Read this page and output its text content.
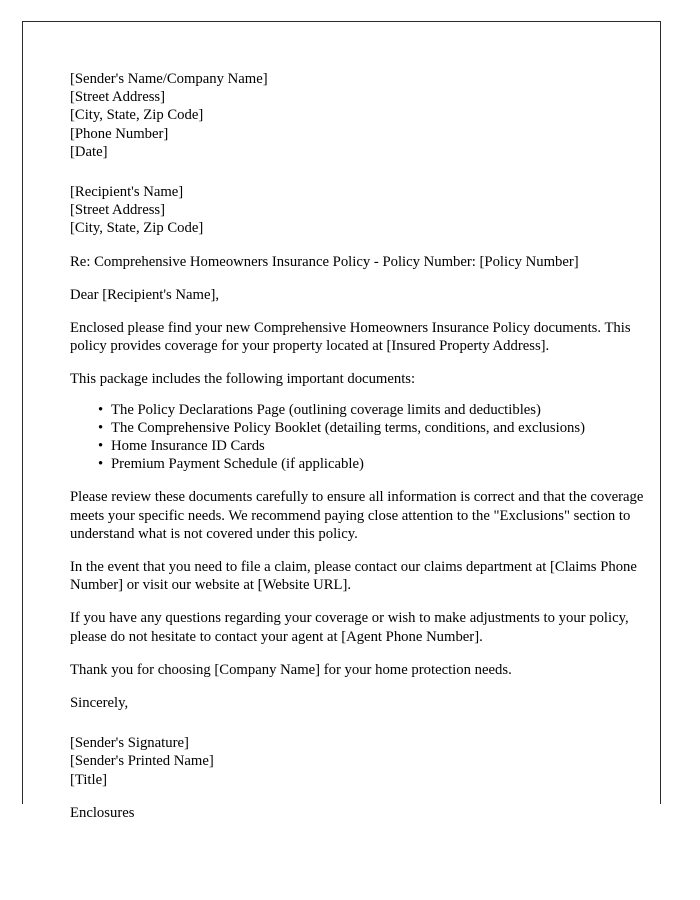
[Sender's Name/Company Name]
[Street Address]
[City, State, Zip Code]
[Phone Number]
[Date]
[Recipient's Name]
[Street Address]
[City, State, Zip Code]

Re: Comprehensive Homeowners Insurance Policy - Policy Number: [Policy Number]

Dear [Recipient's Name],

Enclosed please find your new Comprehensive Homeowners Insurance Policy documents. This policy provides coverage for your property located at [Insured Property Address].

This package includes the following important documents:

• The Policy Declarations Page (outlining coverage limits and deductibles)
• The Comprehensive Policy Booklet (detailing terms, conditions, and exclusions)
• Home Insurance ID Cards
• Premium Payment Schedule (if applicable)

Please review these documents carefully to ensure all information is correct and that the coverage meets your specific needs. We recommend paying close attention to the "Exclusions" section to understand what is not covered under this policy.

In the event that you need to file a claim, please contact our claims department at [Claims Phone Number] or visit our website at [Website URL].

If you have any questions regarding your coverage or wish to make adjustments to your policy, please do not hesitate to contact your agent at [Agent Phone Number].

Thank you for choosing [Company Name] for your home protection needs.

Sincerely,

[Sender's Signature]
[Sender's Printed Name]
[Title]

Enclosures
